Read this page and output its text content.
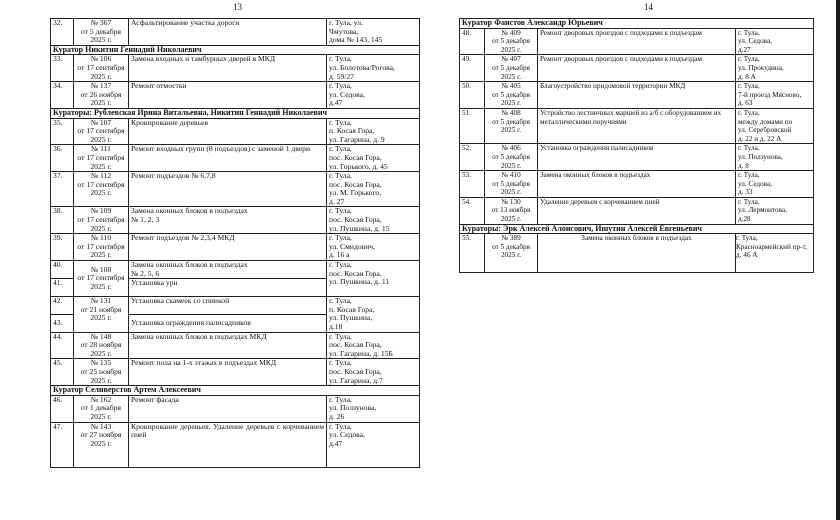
13
32.	№ 367
от 5 декабря
2025 г.	Асфальтирование участка дороги	г. Тула, ул.
Чмутова,
дома № 143, 145

Куратор Никитин Геннадий Николаевич			
33.	№ 106
от 17 сентября
2025 г.	Замена входных и тамбурных дверей в МКД	г. Тула,
ул. Болотова/Рогова,
д. 59/27

34.	№ 137
от 26 ноября
2025 г.	Ремонт отмостки	г. Тула,
ул. Седова,
д.47

Кураторы: Рублевская Ирина Витальевна, Никитин Геннадий Николаевич			
35.	№ 107
от 17 сентября
2025 г.	Кронирование деревьев	г. Тула,
п. Косая Гора,
ул. Гагарина, д. 9

36.	№ 111
от 17 сентября
2025 г.	Ремонт входных групп (8 подъездов) с заменой 1 двери	г. Тула,
пос. Косая Гора,
ул. Горького, д. 45

37.	№ 112
от 17 сентября
2025 г.	Ремонт подъездов № 6,7,8	г. Тула,
пос. Косая Гора,
ул. М. Горького,
д. 27

38.	№ 109
от 17 сентября
2025 г.	Замена оконных блоков в подъездах № 1, 2, 3	г. Тула,
пос. Косая Гора,
ул. Пушкина, д. 15

39.	№ 110
от 17 сентября
2025 г.	Ремонт подъездов № 2,3,4 МКД	г. Тула,
ул. Смидович,
д. 16 а

40.	№ 108
от 17 сентября
2025 г.	Замена оконных блоков в подъездах № 2, 5, 6	г. Тула,
пос. Косая Гора,
ул. Пушкина, д. 11

41.		Установка урн	
42.	№ 131
от 21 ноября
2025 г.	Установка скамеек со спинкой	г. Тула,
п. Косая Гора,
ул. Пушкина,
д.18

43.		Установка ограждения палисадников	
44.	№ 148
от 28 ноября
2025 г.	Замена оконных блоков в подъездах МКД	г. Тула,
пос. Косая Гора,
ул. Гагарина, д. 15Б

45.	№ 135
от 25 ноября
2025 г.	Ремонт пола на 1-х этажах в подъездах МКД	г. Тула,
пос. Косая Гора,
ул. Гагарина, д.7

Куратор Селиверстов Артем Алексеевич			
46.	№ 162
от 1 декабря
2025 г.	Ремонт фасада	г. Тула,
ул. Ползунова,
д. 26

47.	№ 143
от 27 ноября
2025 г.	Кронирование деревьев. Удаление деревьев с корчеванием пней	г. Тула,
ул. Седова,
д.47
14
Куратор Фаистов Александр Юрьевич			
48.	№ 409
от 5 декабря
2025 г.	Ремонт дворовых проездов с подходами к подъездам	г. Тула,
ул. Седова,
д.27

49.	№ 407
от 5 декабря
2025 г.	Ремонт дворовых проездов с подходами к подъездам	г. Тула,
ул. Прокудина,
д. 8 А

50.	№ 405
от 5 декабря
2025 г.	Благоустройство придомовой территории МКД	г. Тула,
7-й проезд Мясново,
д. 63

51.	№ 408
от 5 декабря
2025 г.	Устройство лестничных маршей из а/б с оборудованием их металлическими поручнями	г. Тула,
между домами по
ул. Серебровской
д. 22 и д. 22 А

52.	№ 406
от 5 декабря
2025 г.	Установка ограждения палисадников	г. Тула,
ул. Ползунова,
д. 8

53.	№ 410
от 5 декабря
2025 г.	Замена оконных блоков в подъездах	г. Тула,
ул. Седова,
д. 33

54.	№ 130
от 13 ноября
2025 г.	Удаление деревьев с корчеванием пней	г. Тула,
ул. Лермонтова,
д.28

Кураторы: Эрк Алексей Алоисович, Ишутин Алексей Евгеньевич			
55.	№ 389
от 5 декабря
2025 г.	Замена оконных блоков в подъездах	г. Тула,
Красноармейский пр-т,
д. 46 А
